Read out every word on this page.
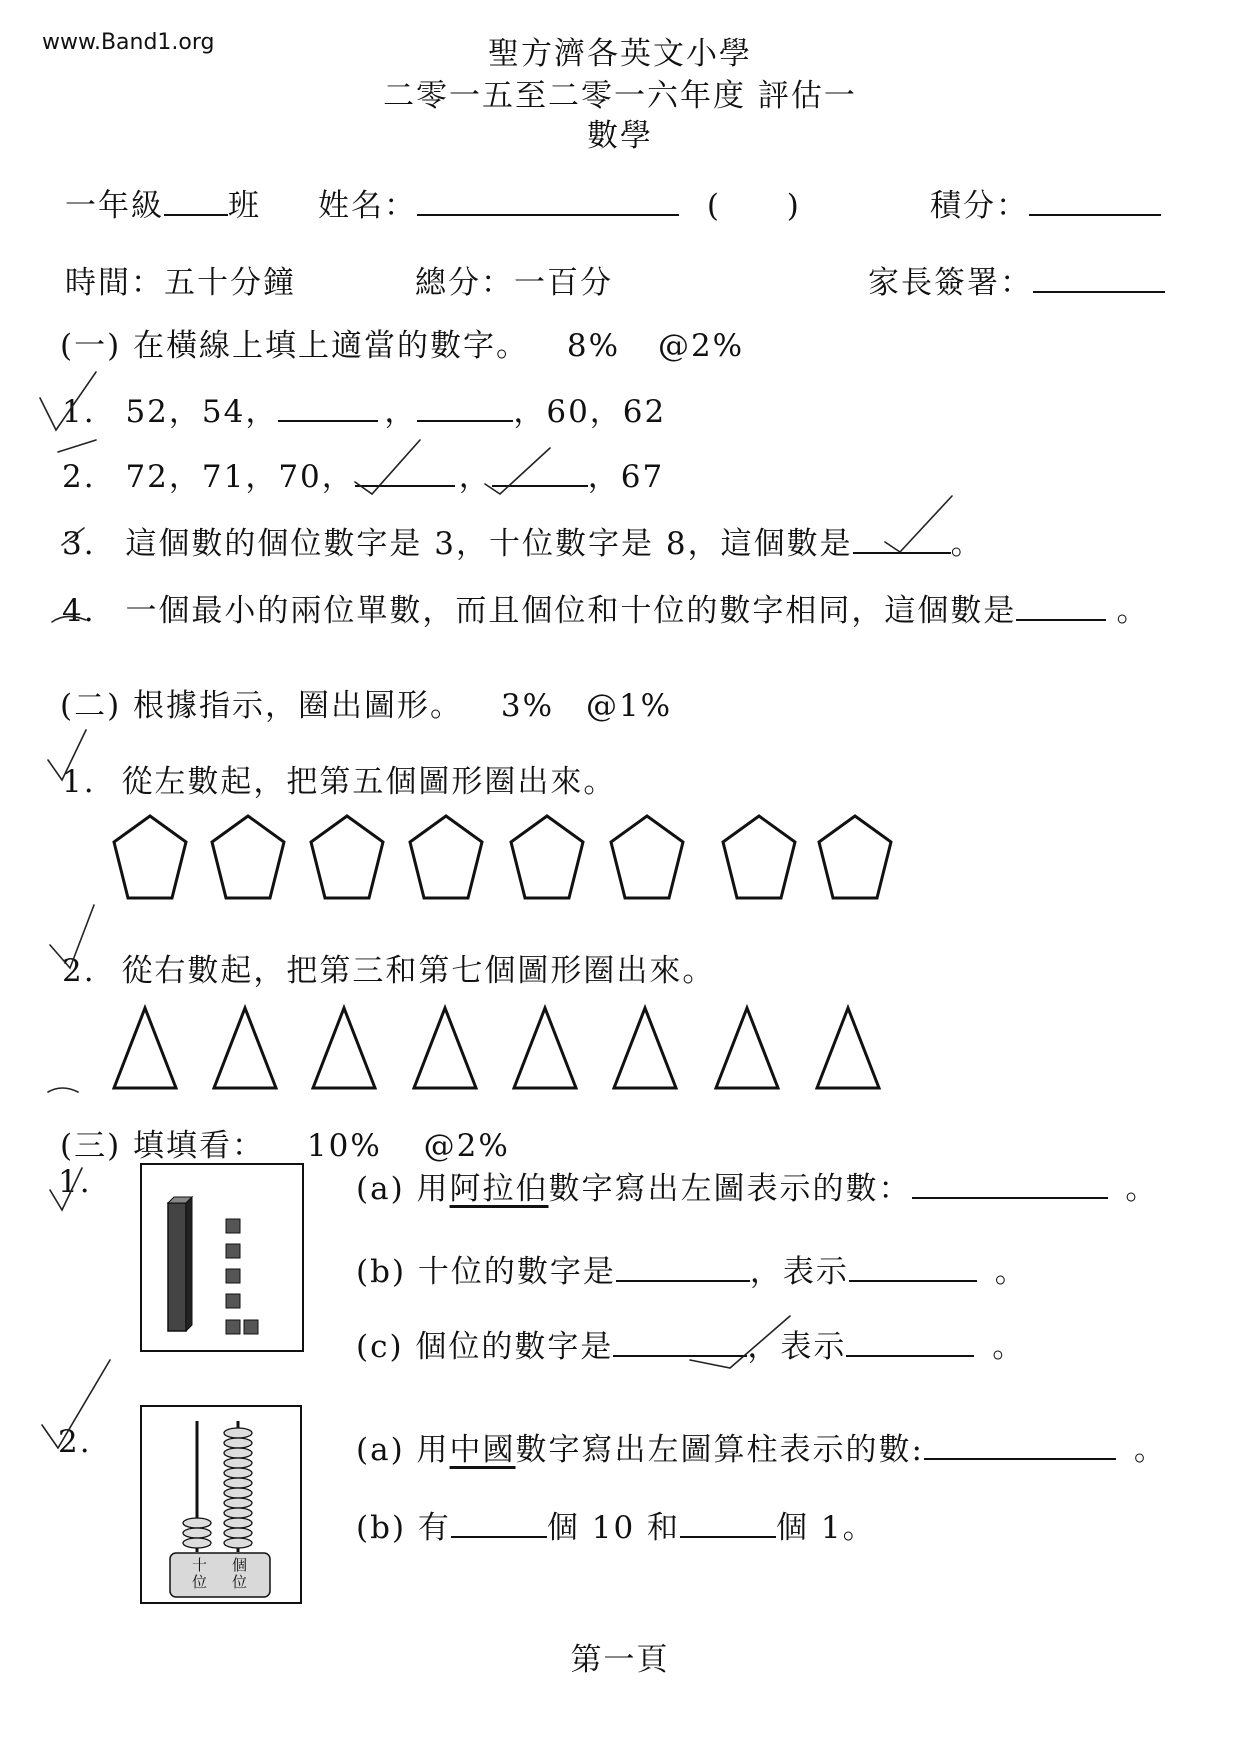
www.Band1.org	聖方濟各英文小學
二零一五至二零一六年度 評估一
數學
一年級 班 姓名：	( )	積分：
時間：五十分鐘	總分：一百分	家長簽署：
(一) 在橫線上填上適當的數字。 8% @2%
1. 52，54，	，	，60，62
2. 72，71，70，	，	，67
3. 這個數的個位數字是 3，十位數字是 8，這個數是	。
4. 一個最小的兩位單數，而且個位和十位的數字相同，這個數是	。
(二) 根據指示，圈出圖形。 3% @1%
1. 從左數起，把第五個圖形圈出來。
2. 從右數起，把第三和第七個圖形圈出來。
(三) 填填看： 10% @2%
1.	(a) 用阿拉伯數字寫出左圖表示的數：	。
(b) 十位的數字是	，表示	。
(c) 個位的數字是	，表示	。
2.
十
位
個
位
(a) 用中國數字寫出左圖算柱表示的數:	。
(b) 有	個 10 和	個 1。
第一頁
